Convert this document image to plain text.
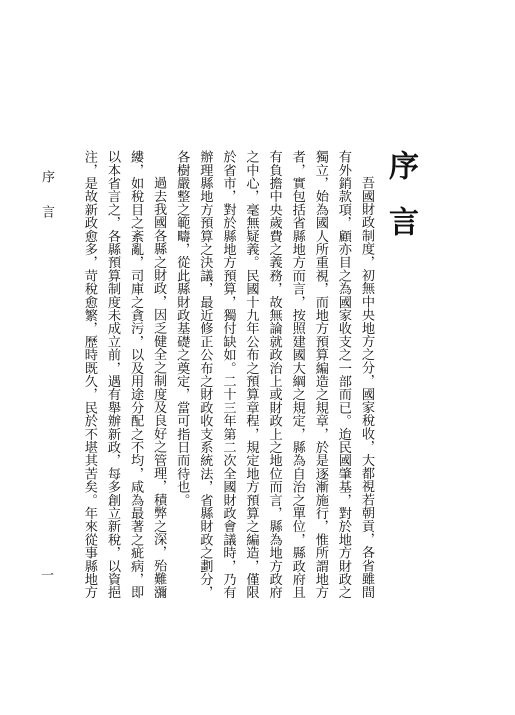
序言

吾國財政制度，初無中央地方之分，國家稅收，大都視若朝貢，各省雖間有外銷款項，顧亦目之為國家收支之一部而已。迨民國肇基，對於地方財政之獨立，始為國人所重視，而地方預算編造之規章，於是逐漸施行，惟所謂地方者，實包括省縣地方而言，按照建國大綱之規定，縣為自治之單位，縣政府且有負擔中央歲費之義務，故無論就政治上或財政上之地位而言，縣為地方政府之中心，毫無疑義。民國十九年公布之預算章程，規定地方預算之編造，僅限於省市，對於縣地方預算，獨付缺如。二十三年第二次全國財政會議時，乃有辦理縣地方預算之決議，最近修正公布之財政收支系統法，省縣財政之劃分，各樹嚴整之範疇，從此縣財政基礎之奠定，當可指日而待也。

過去我國各縣之財政，因乏健全之制度及良好之管理，積弊之深，殆難瀰縷，如稅目之紊亂，司庫之貪污，以及用途分配之不均，咸為最著之疵病，即以本省言之，各縣預算制度未成立前，遇有舉辦新政，每多創立新稅，以資挹注，是故新政愈多，苛稅愈繁，歷時既久，民於不堪其苦矣。年來從事縣地方

序言
一
